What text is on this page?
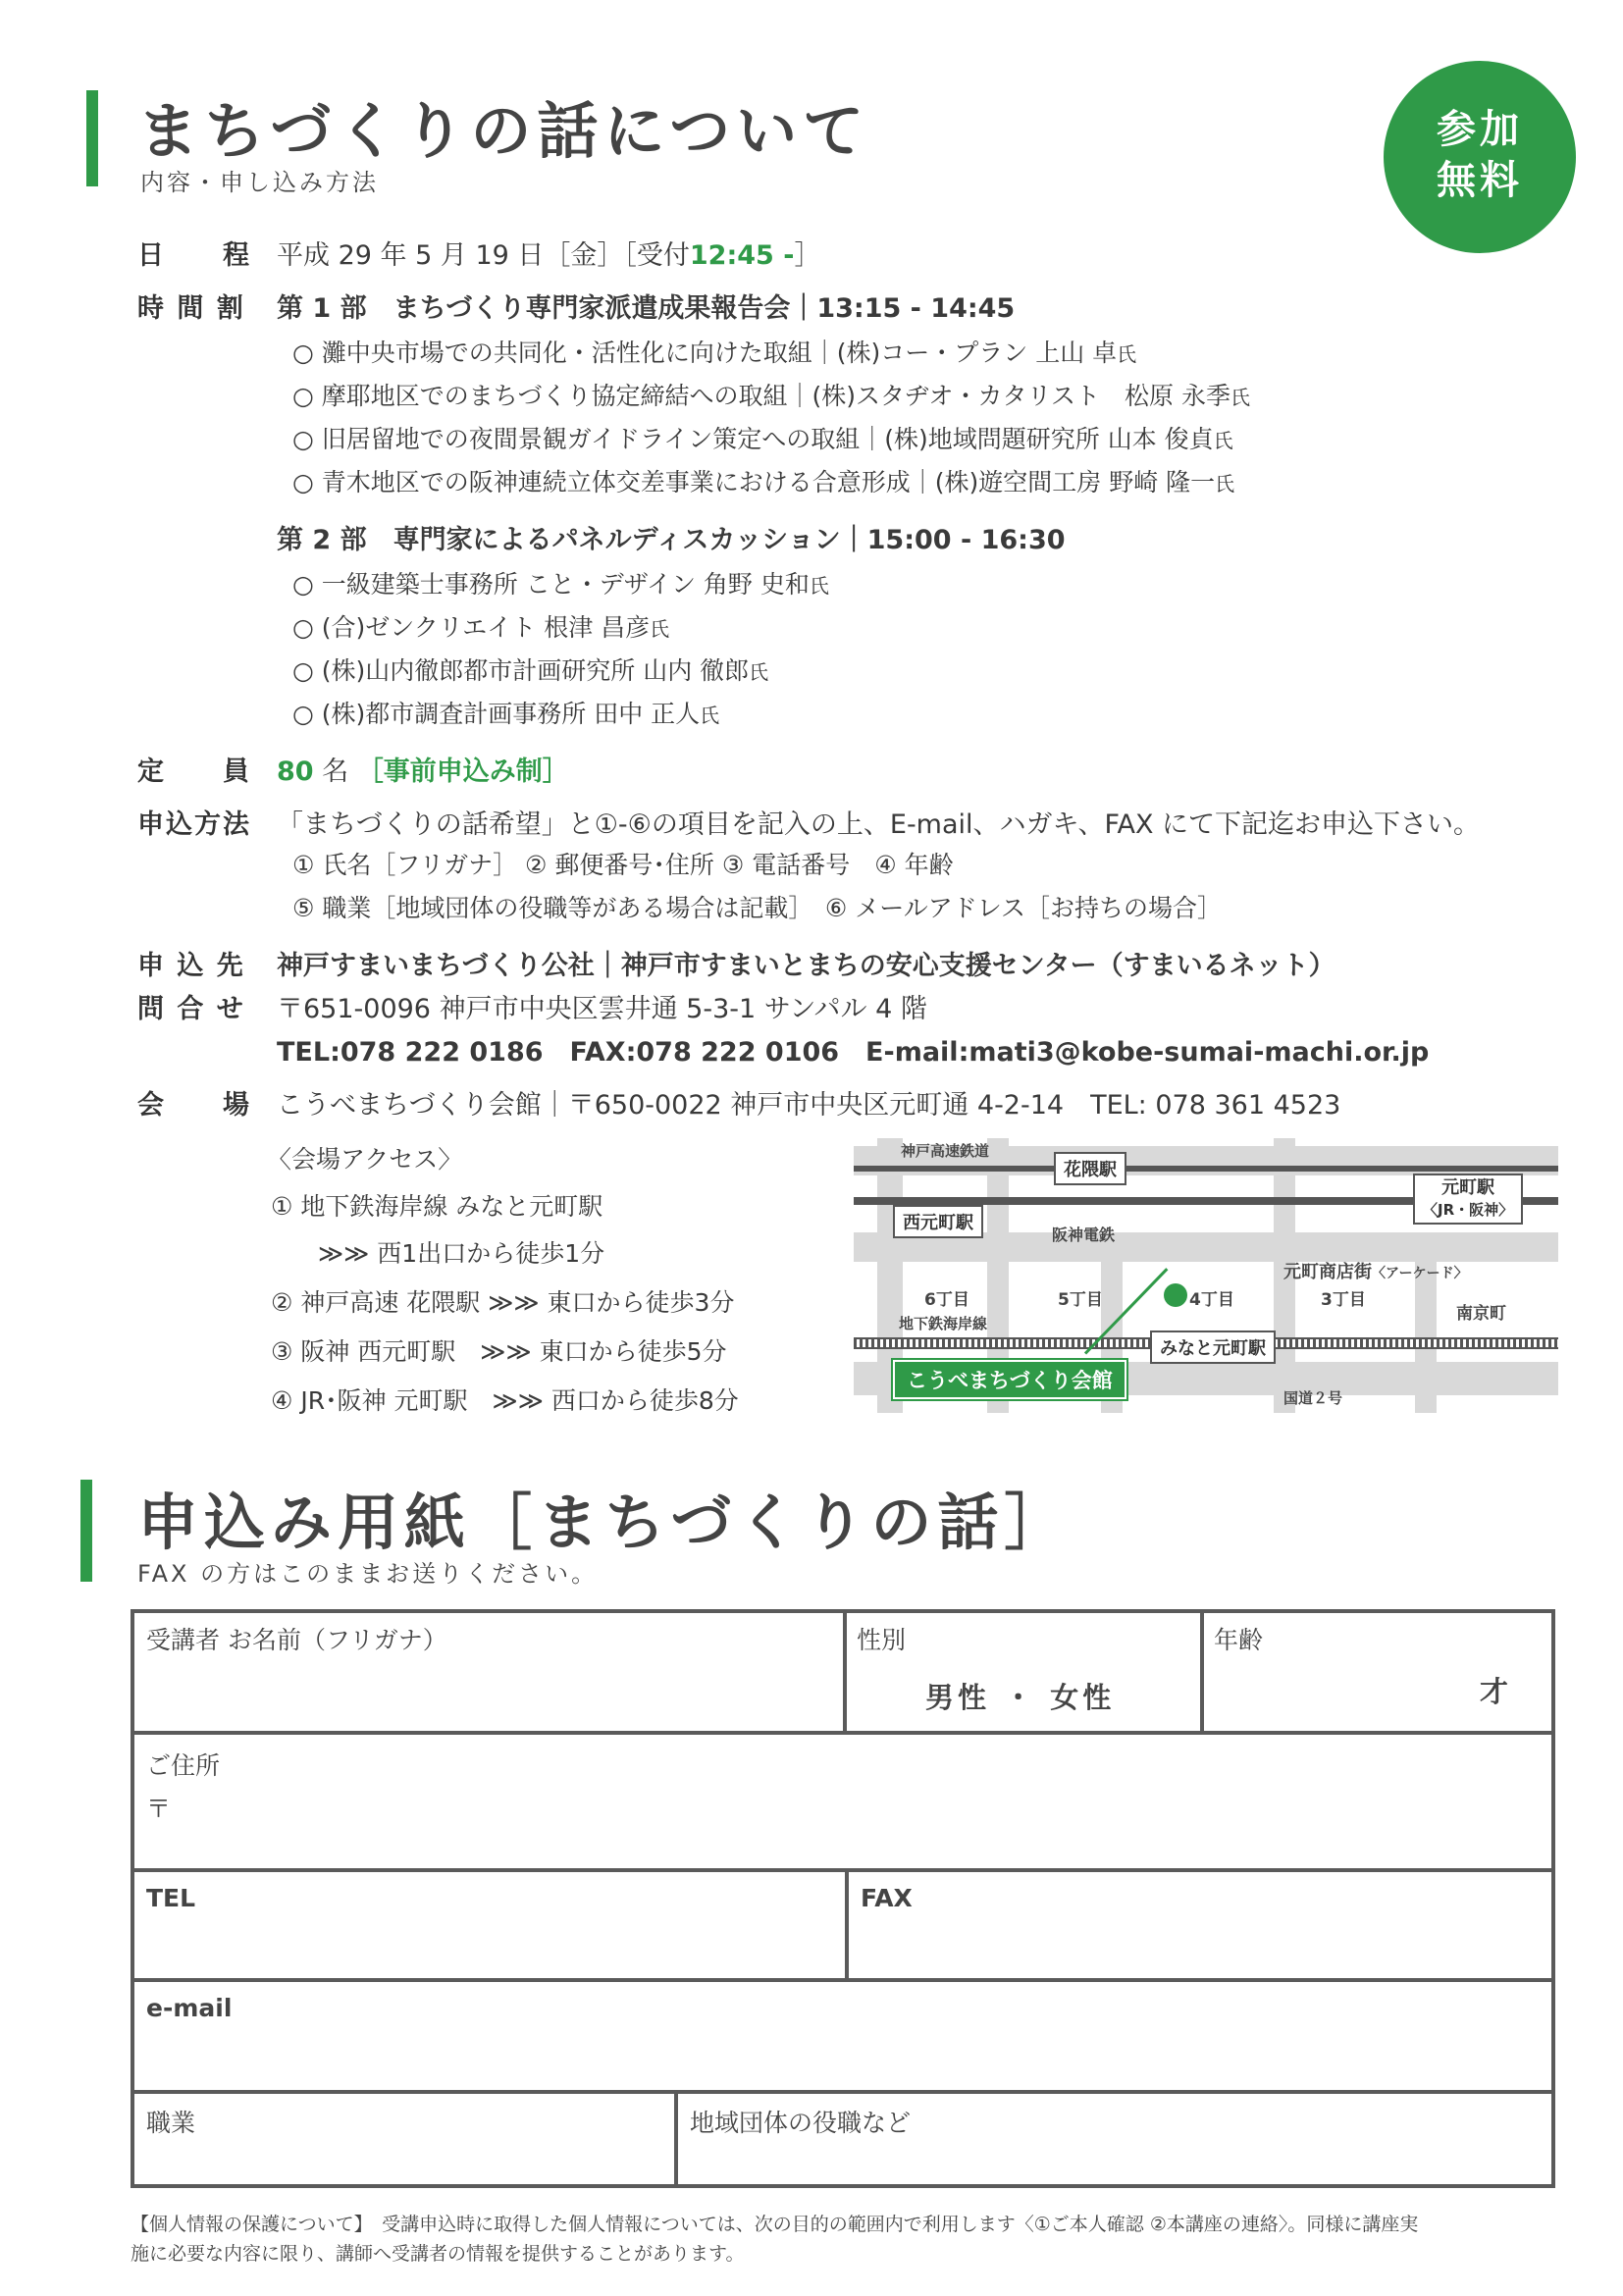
まちづくりの話について
内容・申し込み方法
参加
無料
日　　程 平成 29 年 5 月 19 日［金］［受付12:45 -］
時 間 割 第 1 部　まちづくり専門家派遣成果報告会｜13:15 - 14:45
○ 灘中央市場での共同化・活性化に向けた取組｜(株)コー・プラン 上山 卓氏
○ 摩耶地区でのまちづくり協定締結への取組｜(株)スタヂオ・カタリスト　松原 永季氏
○ 旧居留地での夜間景観ガイドライン策定への取組｜(株)地域問題研究所 山本 俊貞氏
○ 青木地区での阪神連続立体交差事業における合意形成｜(株)遊空間工房 野崎 隆一氏
第 2 部　専門家によるパネルディスカッション｜15:00 - 16:30
○ 一級建築士事務所 こと・デザイン 角野 史和氏
○ (合)ゼンクリエイト 根津 昌彦氏
○ (株)山内徹郎都市計画研究所 山内 徹郎氏
○ (株)都市調査計画事務所 田中 正人氏
定　　員 80 名 ［事前申込み制］
申込方法 「まちづくりの話希望」と①-⑥の項目を記入の上、E-mail、ハガキ、FAX にて下記迄お申込下さい。
① 氏名［フリガナ］ ② 郵便番号･住所 ③ 電話番号　④ 年齢
⑤ 職業［地域団体の役職等がある場合は記載］　⑥ メールアドレス［お持ちの場合］
申 込 先
問 合 せ
神戸すまいまちづくり公社｜神戸市すまいとまちの安心支援センター（すまいるネット）
〒651-0096 神戸市中央区雲井通 5-3-1 サンパル 4 階
TEL:078 222 0186　FAX:078 222 0106　E-mail:mati3@kobe-sumai-machi.or.jp
会　　場 こうべまちづくり会館｜〒650-0022 神戸市中央区元町通 4-2-14　TEL: 078 361 4523
〈会場アクセス〉
① 地下鉄海岸線 みなと元町駅
≫≫ 西1出口から徒歩1分
② 神戸高速 花隈駅 ≫≫ 東口から徒歩3分
③ 阪神 西元町駅　≫≫ 東口から徒歩5分
④ JR･阪神 元町駅　≫≫ 西口から徒歩8分
神戸高速鉄道
花隈駅
西元町駅
阪神電鉄
元町駅
〈JR・阪神〉
元町商店街〈アーケード〉
6丁目	5丁目	4丁目	3丁目
南京町
地下鉄海岸線
みなと元町駅
こうべまちづくり会館
国道２号
申込み用紙［まちづくりの話］
FAX の方はこのままお送りください。
受講者 お名前（フリガナ）	性別
男性 ・ 女性
年齢
才
ご住所
〒
TEL	FAX
e-mail
職業	地域団体の役職など
【個人情報の保護について】　受講申込時に取得した個人情報については、次の目的の範囲内で利用します〈①ご本人確認 ②本講座の連絡〉。同様に講座実
施に必要な内容に限り、講師へ受講者の情報を提供することがあります。
